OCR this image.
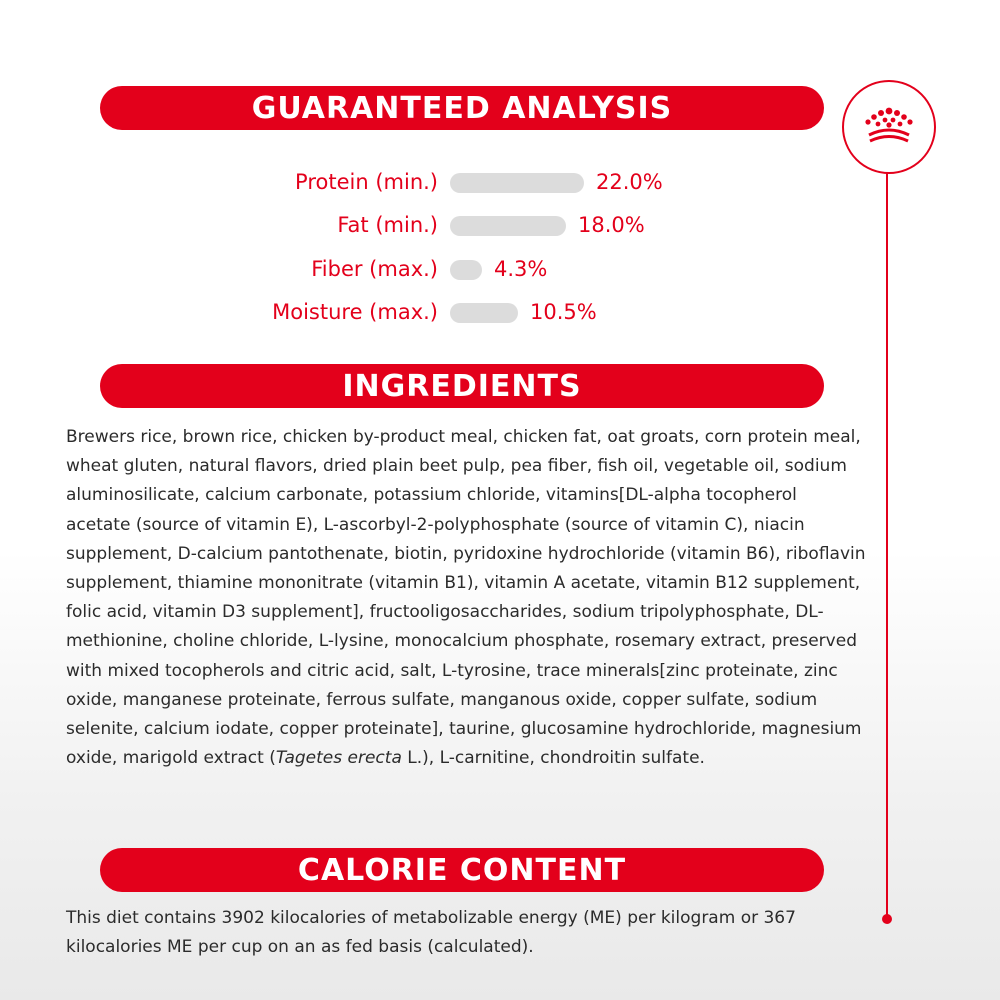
GUARANTEED ANALYSIS
Protein (min.)	22.0%
Fat (min.)	18.0%
Fiber (max.)	4.3%
Moisture (max.)	10.5%
INGREDIENTS
Brewers rice, brown rice, chicken by-product meal, chicken fat, oat groats, corn protein meal, wheat gluten, natural flavors, dried plain beet pulp, pea fiber, fish oil, vegetable oil, sodium aluminosilicate, calcium carbonate, potassium chloride, vitamins[DL-alpha tocopherol acetate (source of vitamin E), L-ascorbyl-2-polyphosphate (source of vitamin C), niacin supplement, D-calcium pantothenate, biotin, pyridoxine hydrochloride (vitamin B6), riboflavin supplement, thiamine mononitrate (vitamin B1), vitamin A acetate, vitamin B12 supplement, folic acid, vitamin D3 supplement], fructooligosaccharides, sodium tripolyphosphate, DL-methionine, choline chloride, L-lysine, monocalcium phosphate, rosemary extract, preserved with mixed tocopherols and citric acid, salt, L-tyrosine, trace minerals[zinc proteinate, zinc oxide, manganese proteinate, ferrous sulfate, manganous oxide, copper sulfate, sodium selenite, calcium iodate, copper proteinate], taurine, glucosamine hydrochloride, magnesium oxide, marigold extract (Tagetes erecta L.), L-carnitine, chondroitin sulfate.
CALORIE CONTENT
This diet contains 3902 kilocalories of metabolizable energy (ME) per kilogram or 367 kilocalories ME per cup on an as fed basis (calculated).
